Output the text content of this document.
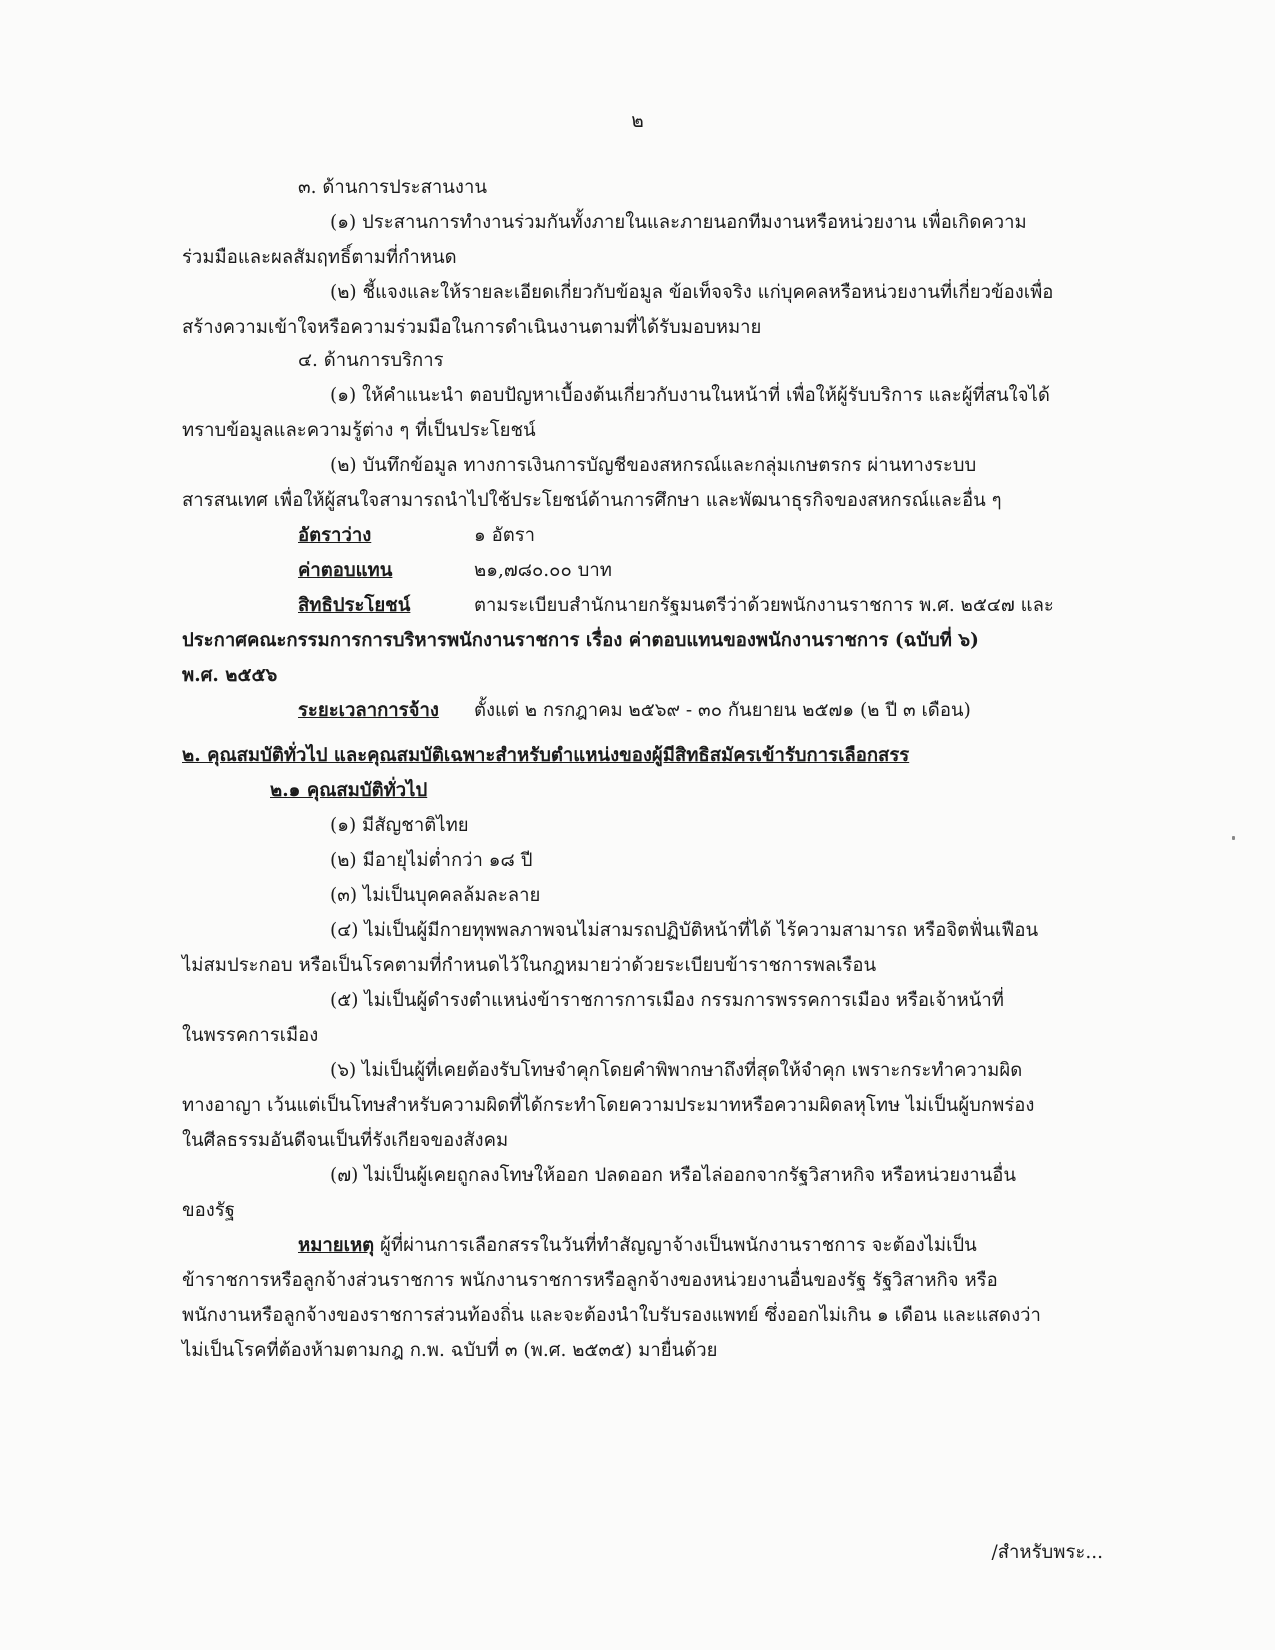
๒

๓. ด้านการประสานงาน

(๑) ประสานการทำงานร่วมกันทั้งภายในและภายนอกทีมงานหรือหน่วยงาน เพื่อเกิดความ

ร่วมมือและผลสัมฤทธิ์ตามที่กำหนด

(๒) ชี้แจงและให้รายละเอียดเกี่ยวกับข้อมูล ข้อเท็จจริง แก่บุคคลหรือหน่วยงานที่เกี่ยวข้องเพื่อ

สร้างความเข้าใจหรือความร่วมมือในการดำเนินงานตามที่ได้รับมอบหมาย

๔. ด้านการบริการ

(๑) ให้คำแนะนำ ตอบปัญหาเบื้องต้นเกี่ยวกับงานในหน้าที่ เพื่อให้ผู้รับบริการ และผู้ที่สนใจได้

ทราบข้อมูลและความรู้ต่าง ๆ ที่เป็นประโยชน์

(๒) บันทึกข้อมูล ทางการเงินการบัญชีของสหกรณ์และกลุ่มเกษตรกร ผ่านทางระบบ

สารสนเทศ เพื่อให้ผู้สนใจสามารถนำไปใช้ประโยชน์ด้านการศึกษา และพัฒนาธุรกิจของสหกรณ์และอื่น ๆ

อัตราว่าง	๑ อัตรา

ค่าตอบแทน	๒๑,๗๘๐.๐๐ บาท

สิทธิประโยชน์	ตามระเบียบสำนักนายกรัฐมนตรีว่าด้วยพนักงานราชการ พ.ศ. ๒๕๔๗ และ

ประกาศคณะกรรมการการบริหารพนักงานราชการ เรื่อง ค่าตอบแทนของพนักงานราชการ (ฉบับที่ ๖)

พ.ศ. ๒๕๕๖

ระยะเวลาการจ้าง ตั้งแต่ ๒ กรกฎาคม ๒๕๖๙ - ๓๐ กันยายน ๒๕๗๑ (๒ ปี ๓ เดือน)

๒. คุณสมบัติทั่วไป และคุณสมบัติเฉพาะสำหรับตำแหน่งของผู้มีสิทธิสมัครเข้ารับการเลือกสรร

๒.๑ คุณสมบัติทั่วไป

(๑) มีสัญชาติไทย

(๒) มีอายุไม่ต่ำกว่า ๑๘ ปี

(๓) ไม่เป็นบุคคลล้มละลาย

(๔) ไม่เป็นผู้มีกายทุพพลภาพจนไม่สามรถปฏิบัติหน้าที่ได้ ไร้ความสามารถ หรือจิตฟั่นเฟือน

ไม่สมประกอบ หรือเป็นโรคตามที่กำหนดไว้ในกฎหมายว่าด้วยระเบียบข้าราชการพลเรือน

(๕) ไม่เป็นผู้ดำรงตำแหน่งข้าราชการการเมือง กรรมการพรรคการเมือง หรือเจ้าหน้าที่

ในพรรคการเมือง

(๖) ไม่เป็นผู้ที่เคยต้องรับโทษจำคุกโดยคำพิพากษาถึงที่สุดให้จำคุก เพราะกระทำความผิด

ทางอาญา เว้นแต่เป็นโทษสำหรับความผิดที่ได้กระทำโดยความประมาทหรือความผิดลหุโทษ ไม่เป็นผู้บกพร่อง

ในศีลธรรมอันดีจนเป็นที่รังเกียจของสังคม

(๗) ไม่เป็นผู้เคยถูกลงโทษให้ออก ปลดออก หรือไล่ออกจากรัฐวิสาหกิจ หรือหน่วยงานอื่น

ของรัฐ

หมายเหตุ ผู้ที่ผ่านการเลือกสรรในวันที่ทำสัญญาจ้างเป็นพนักงานราชการ จะต้องไม่เป็น

ข้าราชการหรือลูกจ้างส่วนราชการ พนักงานราชการหรือลูกจ้างของหน่วยงานอื่นของรัฐ รัฐวิสาหกิจ หรือ

พนักงานหรือลูกจ้างของราชการส่วนท้องถิ่น และจะต้องนำใบรับรองแพทย์ ซึ่งออกไม่เกิน ๑ เดือน และแสดงว่า

ไม่เป็นโรคที่ต้องห้ามตามกฎ ก.พ. ฉบับที่ ๓ (พ.ศ. ๒๕๓๕) มายื่นด้วย

/สำหรับพระ...
